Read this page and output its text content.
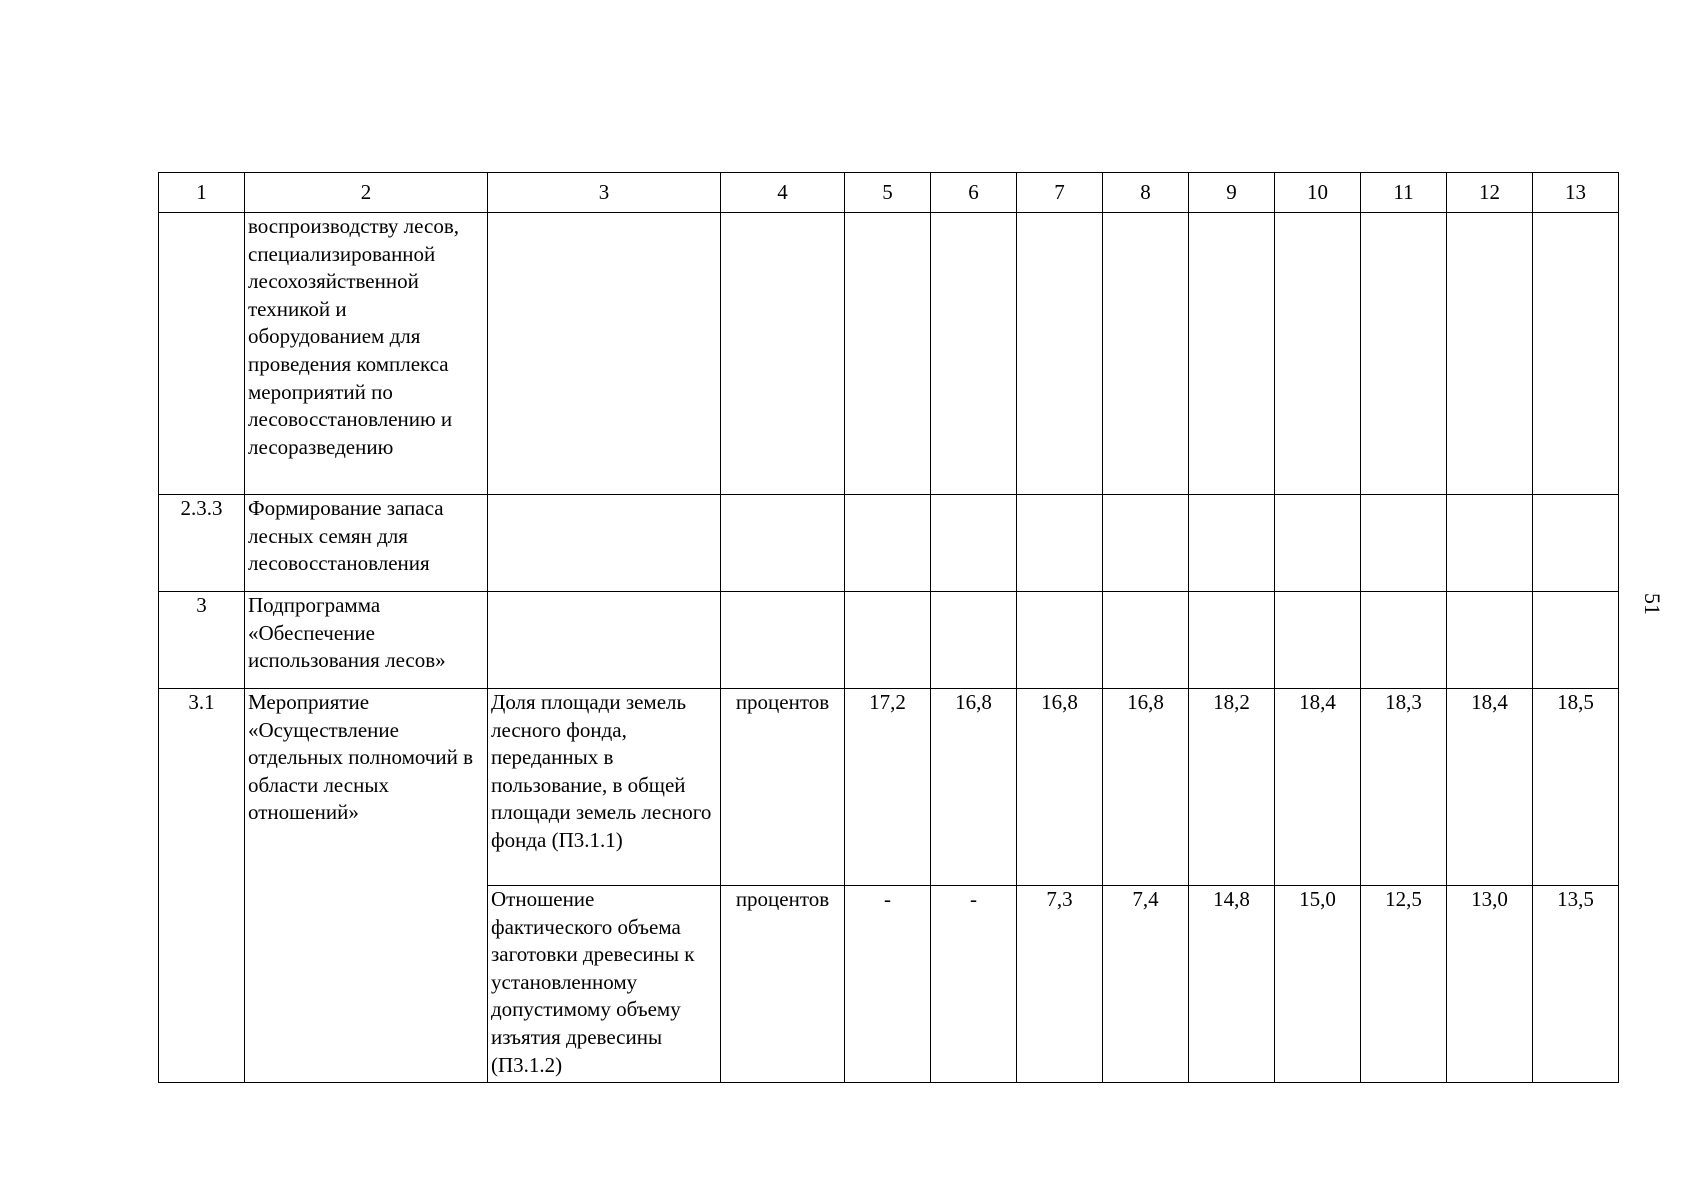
1	2	3	4	5	6	7	8	9	10	11	12	13
	воспроизводству лесов, специализированной лесохозяйственной техникой и оборудованием для проведения комплекса мероприятий по лесовосстановлению и лесоразведению											
2.3.3	Формирование запаса лесных семян для лесовосстановления											
3	Подпрограмма «Обеспечение использования лесов»											
3.1	Мероприятие «Осуществление отдельных полномочий в области лесных отношений»	Доля площади земель лесного фонда, переданных в пользование, в общей площади земель лесного фонда (П3.1.1)	процентов	17,2	16,8	16,8	16,8	18,2	18,4	18,3	18,4	18,5
		Отношение фактического объема заготовки древесины к установленному допустимому объему изъятия древесины (П3.1.2)	процентов	-	-	7,3	7,4	14,8	15,0	12,5	13,0	13,5
51
